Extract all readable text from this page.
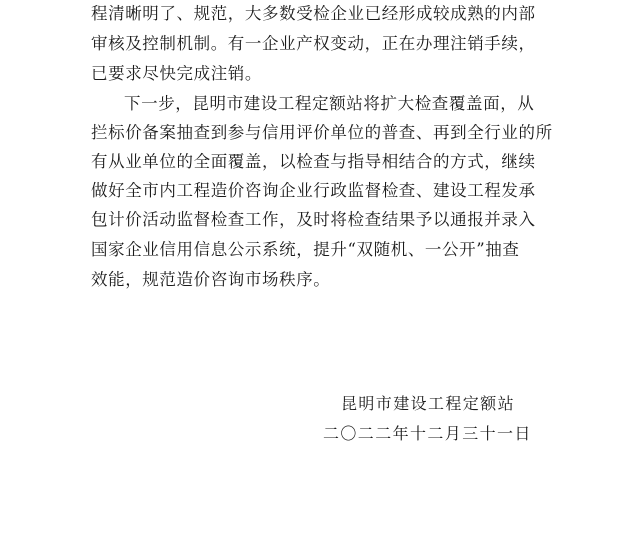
程清晰明了、规范，大多数受检企业已经形成较成熟的内部
审核及控制机制。有一企业产权变动，正在办理注销手续，
已要求尽快完成注销。
下一步，昆明市建设工程定额站将扩大检查覆盖面，从
拦标价备案抽查到参与信用评价单位的普查、再到全行业的所
有从业单位的全面覆盖，以检查与指导相结合的方式，继续
做好全市内工程造价咨询企业行政监督检查、建设工程发承
包计价活动监督检查工作，及时将检查结果予以通报并录入
国家企业信用信息公示系统，提升“双随机、一公开”抽查
效能，规范造价咨询市场秩序。
昆明市建设工程定额站
二〇二二年十二月三十一日
